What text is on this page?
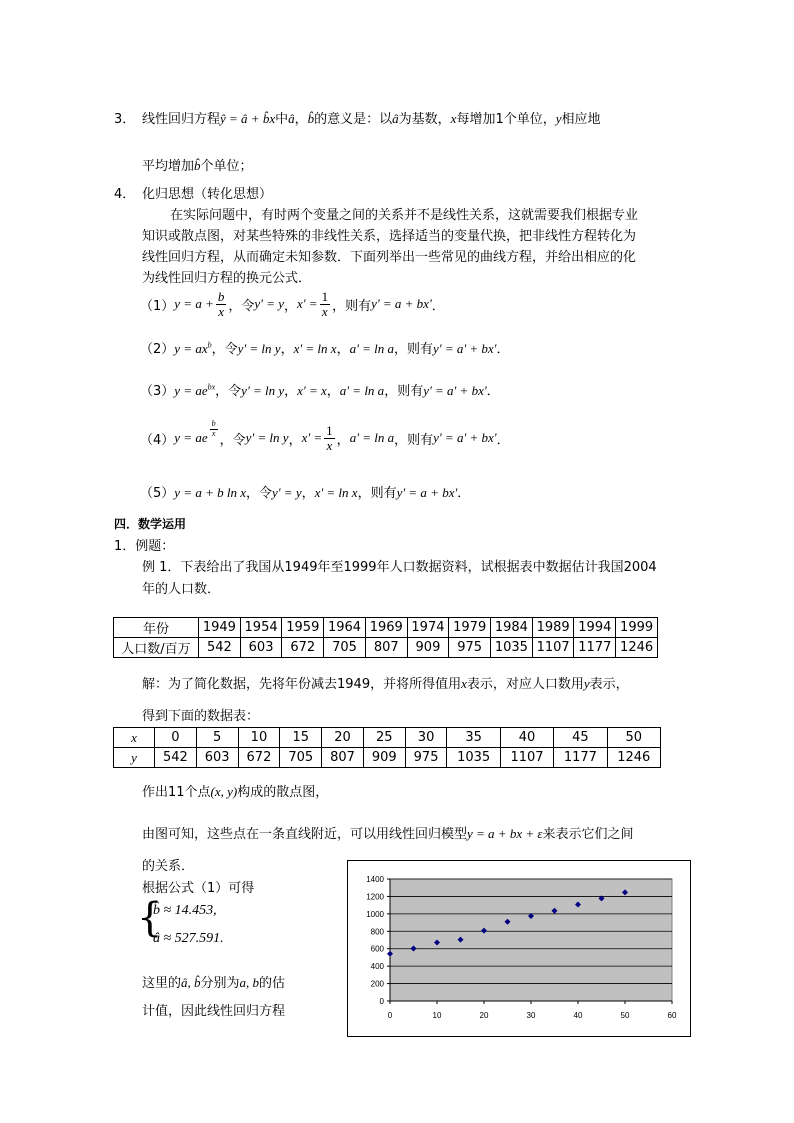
3． 线性回归方程ŷ = â + b̂x中â，b̂的意义是：以â为基数，x每增加1个单位，y相应地
平均增加b̂个单位；
4． 化归思想（转化思想）
在实际问题中，有时两个变量之间的关系并不是线性关系，这就需要我们根据专业
知识或散点图，对某些特殊的非线性关系，选择适当的变量代换，把非线性方程转化为
线性回归方程，从而确定未知参数．下面列举出一些常见的曲线方程，并给出相应的化
为线性回归方程的换元公式．
（1） $y = a + \frac{b}{x}$ ，令 y' = y ， $x' = \frac{1}{x}$ ，则有 y' = a + bx' ．
$(2)y = ax^b$，令y' = ln y，x' = ln x，a' = ln a，则有y' = a' + bx'．
$(3)y = ae^{bx}$，令y' = ln y，x' = x，a' = ln a，则有y' = a' + bx'．
（4） y = ae $\frac{b}{x}$
，令 y' = ln y ， $x' = \frac{1}{x}$ ， a' = ln a ，则有 y' = a' + bx' ．
（5）y = a + b ln x，令y' = y，x' = ln x，则有y' = a + bx'．
四．数学运用
1．例题：
例 1．下表给出了我国从1949年至1999年人口数据资料，试根据表中数据估计我国2004
年的人口数．
年份	1949	1954	1959	1964	1969	1974	1979	1984	1989	1994	1999
人口数/百万	542	603	672	705	807	909	975	1035	1107	1177	1246
解：为了简化数据，先将年份减去1949，并将所得值用x表示，对应人口数用y表示，
得到下面的数据表：
x	0	5	10	15	20	25	30	35	40	45	50
y	542	603	672	705	807	909	975	1035	1107	1177	1246
作出11个点(x, y)构成的散点图，
由图可知，这些点在一条直线附近，可以用线性回归模型y = a + bx + ε来表示它们之间
的关系．
根据公式（1）可得
{
b̂ ≈ 14.453,
â ≈ 527.591.
这里的â, b̂分别为a, b的估
计值，因此线性回归方程
0
200
400
600
800
1000
1200
1400
0	10	20	30	40	50	60
